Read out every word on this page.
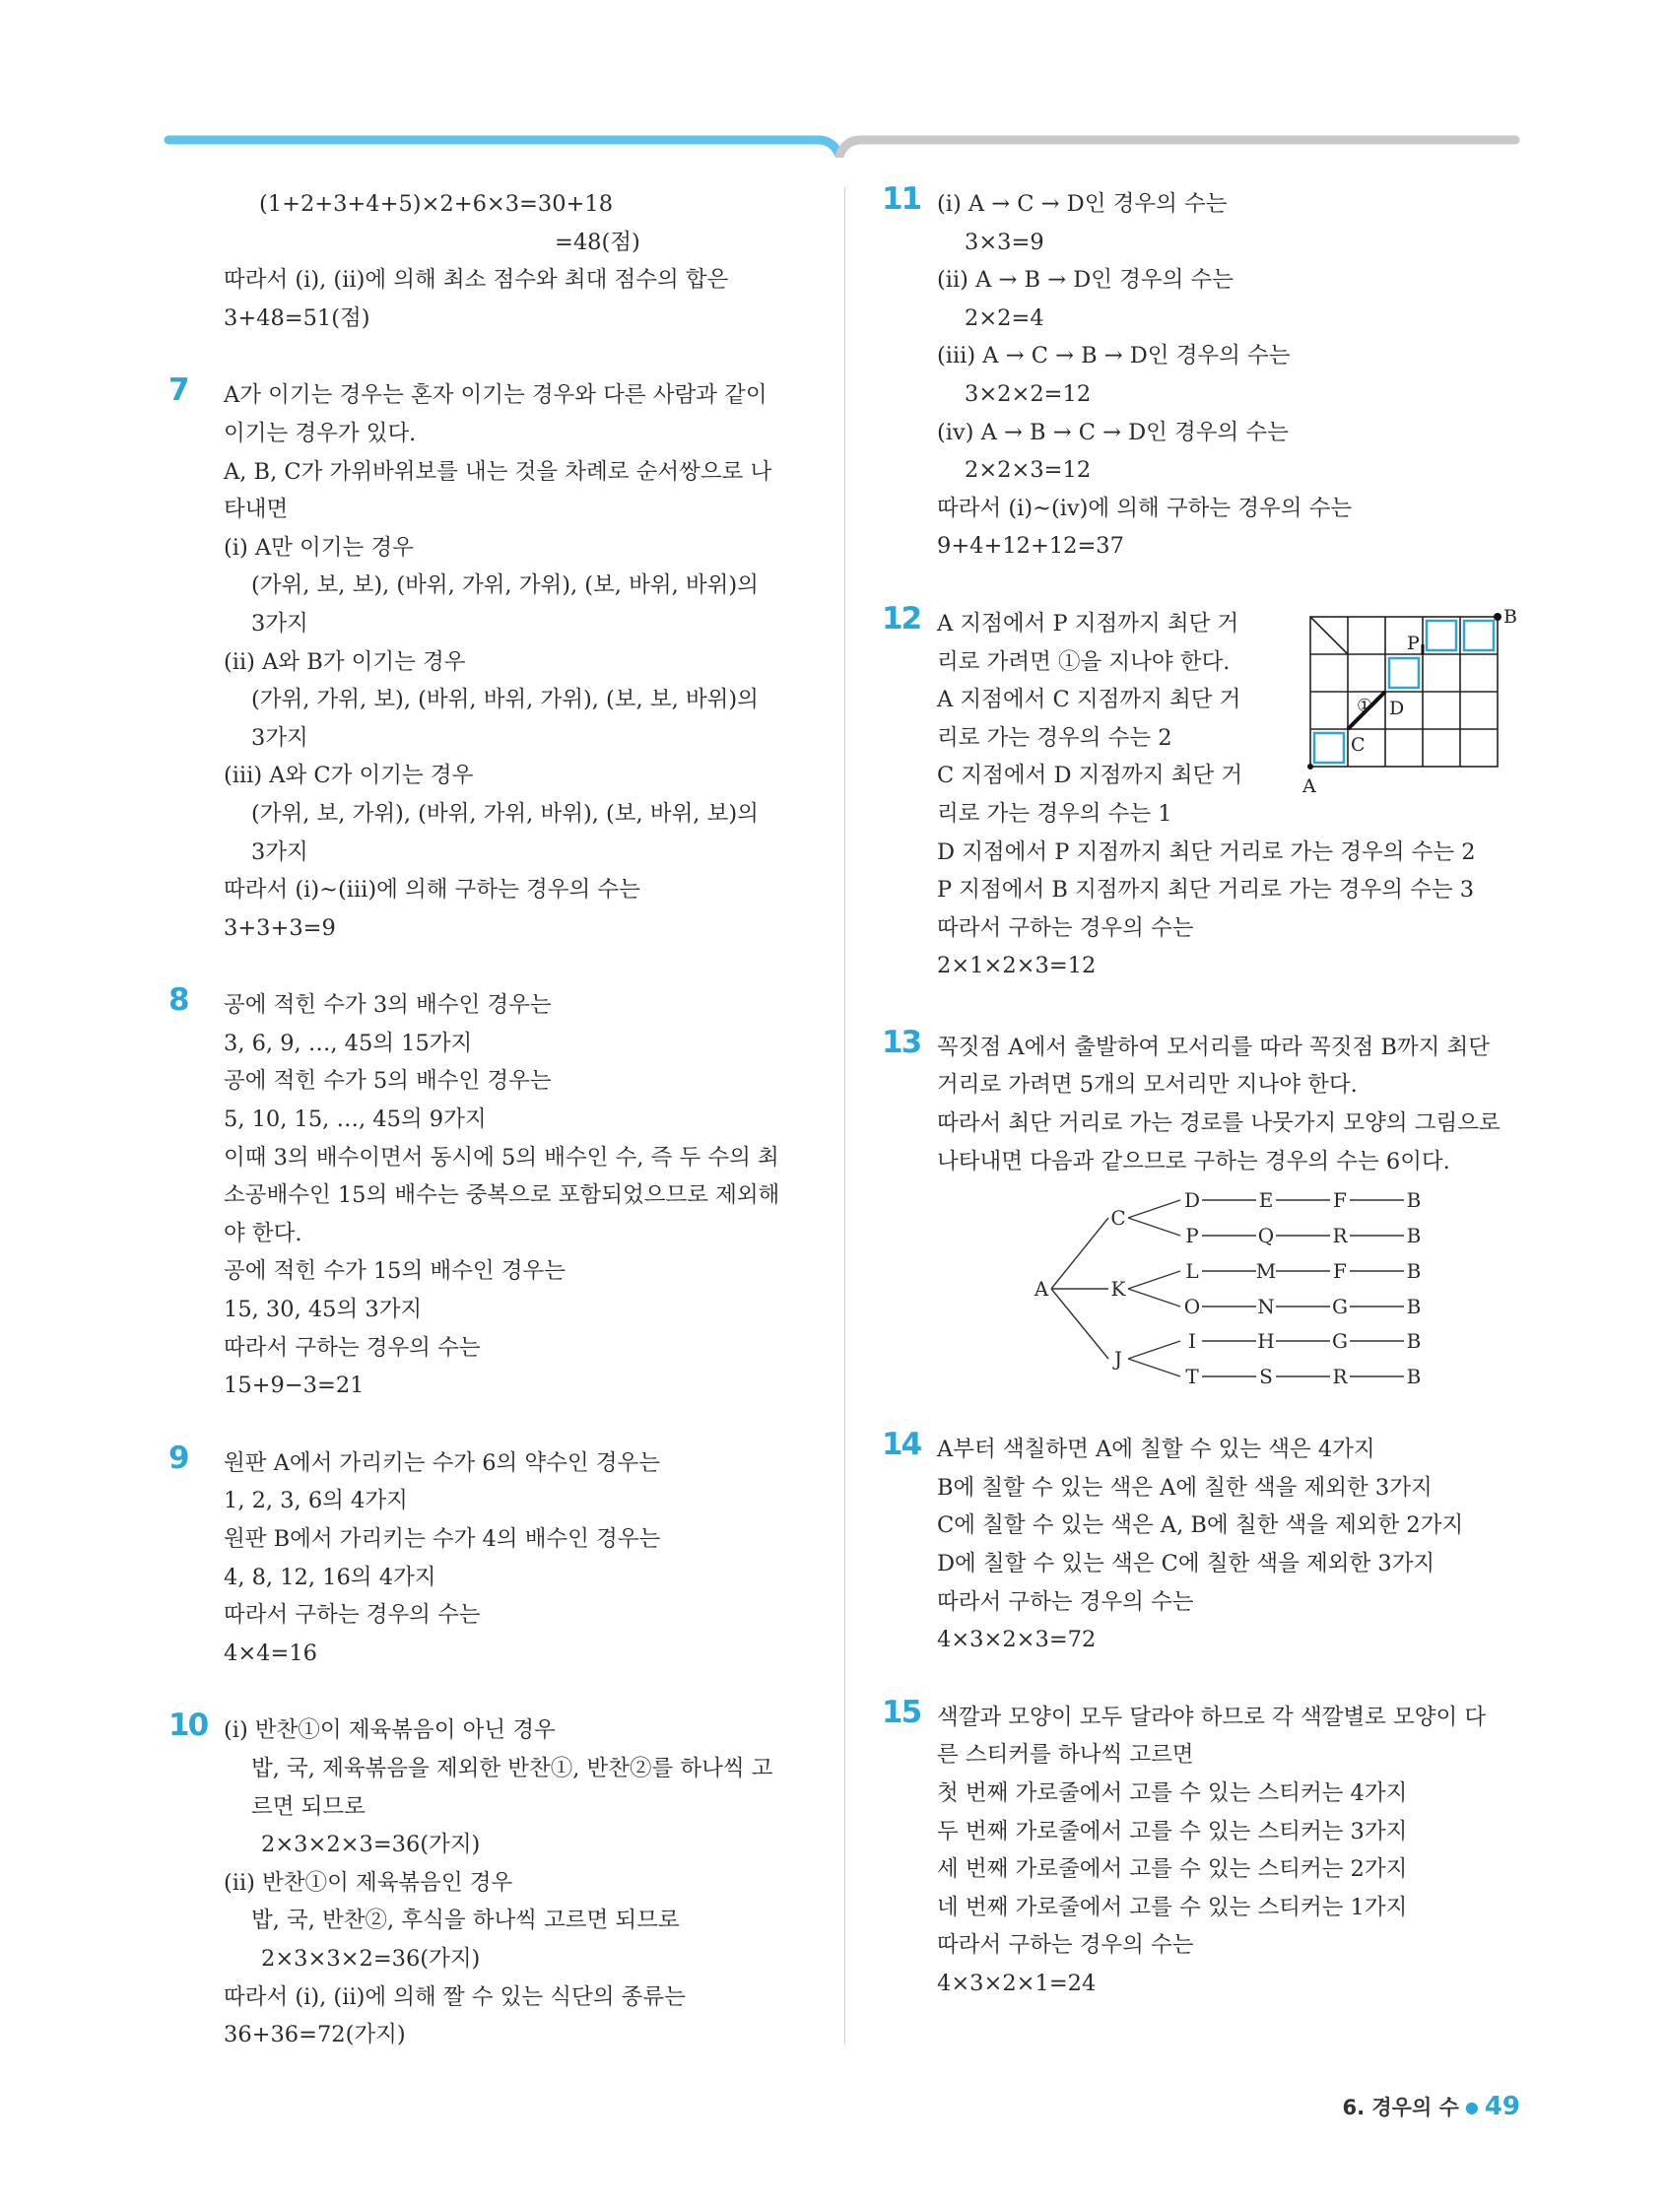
(1+2+3+4+5)×2+6×3=30+18
=48(점)
따라서 (ⅰ), (ⅱ)에 의해 최소 점수와 최대 점수의 합은
3+48=51(점)
7 A가 이기는 경우는 혼자 이기는 경우와 다른 사람과 같이
이기는 경우가 있다.
A, B, C가 가위바위보를 내는 것을 차례로 순서쌍으로 나
타내면
(ⅰ) A만 이기는 경우
(가위, 보, 보), (바위, 가위, 가위), (보, 바위, 바위)의
3가지
(ⅱ) A와 B가 이기는 경우
(가위, 가위, 보), (바위, 바위, 가위), (보, 보, 바위)의
3가지
(ⅲ) A와 C가 이기는 경우
(가위, 보, 가위), (바위, 가위, 바위), (보, 바위, 보)의
3가지
따라서 (ⅰ)~(ⅲ)에 의해 구하는 경우의 수는
3+3+3=9
8 공에 적힌 수가 3의 배수인 경우는
3, 6, 9, …, 45의 15가지
공에 적힌 수가 5의 배수인 경우는
5, 10, 15, …, 45의 9가지
이때 3의 배수이면서 동시에 5의 배수인 수, 즉 두 수의 최
소공배수인 15의 배수는 중복으로 포함되었으므로 제외해
야 한다.
공에 적힌 수가 15의 배수인 경우는
15, 30, 45의 3가지
따라서 구하는 경우의 수는
15+9−3=21
9 원판 A에서 가리키는 수가 6의 약수인 경우는
1, 2, 3, 6의 4가지
원판 B에서 가리키는 수가 4의 배수인 경우는
4, 8, 12, 16의 4가지
따라서 구하는 경우의 수는
4×4=16
10 (ⅰ) 반찬①이 제육볶음이 아닌 경우
밥, 국, 제육볶음을 제외한 반찬①, 반찬②를 하나씩 고
르면 되므로
2×3×2×3=36(가지)
(ⅱ) 반찬①이 제육볶음인 경우
밥, 국, 반찬②, 후식을 하나씩 고르면 되므로
2×3×3×2=36(가지)
따라서 (ⅰ), (ⅱ)에 의해 짤 수 있는 식단의 종류는
36+36=72(가지)
11 (ⅰ) A → C → D인 경우의 수는
3×3=9
(ⅱ) A → B → D인 경우의 수는
2×2=4
(ⅲ) A → C → B → D인 경우의 수는
3×2×2=12
(ⅳ) A → B → C → D인 경우의 수는
2×2×3=12
따라서 (ⅰ)~(ⅳ)에 의해 구하는 경우의 수는
9+4+12+12=37
12 A 지점에서 P 지점까지 최단 거
리로 가려면 ①을 지나야 한다.
A 지점에서 C 지점까지 최단 거
리로 가는 경우의 수는 2
C 지점에서 D 지점까지 최단 거
리로 가는 경우의 수는 1
D 지점에서 P 지점까지 최단 거리로 가는 경우의 수는 2
P 지점에서 B 지점까지 최단 거리로 가는 경우의 수는 3
따라서 구하는 경우의 수는
2×1×2×3=12
A
B
C
D
P
①
13 꼭짓점 A에서 출발하여 모서리를 따라 꼭짓점 B까지 최단
거리로 가려면 5개의 모서리만 지나야 한다.
따라서 최단 거리로 가는 경로를 나뭇가지 모양의 그림으로
나타내면 다음과 같으므로 구하는 경우의 수는 6이다.
A
C
D	E	F	B
P	Q	R	B
K
L	M	F	B
O	N	G	B
J
I	H	G	B
T	S	R	B
14 A부터 색칠하면 A에 칠할 수 있는 색은 4가지
B에 칠할 수 있는 색은 A에 칠한 색을 제외한 3가지
C에 칠할 수 있는 색은 A, B에 칠한 색을 제외한 2가지
D에 칠할 수 있는 색은 C에 칠한 색을 제외한 3가지
따라서 구하는 경우의 수는
4×3×2×3=72
15 색깔과 모양이 모두 달라야 하므로 각 색깔별로 모양이 다
른 스티커를 하나씩 고르면
첫 번째 가로줄에서 고를 수 있는 스티커는 4가지
두 번째 가로줄에서 고를 수 있는 스티커는 3가지
세 번째 가로줄에서 고를 수 있는 스티커는 2가지
네 번째 가로줄에서 고를 수 있는 스티커는 1가지
따라서 구하는 경우의 수는
4×3×2×1=24
6. 경우의 수 ● 49
